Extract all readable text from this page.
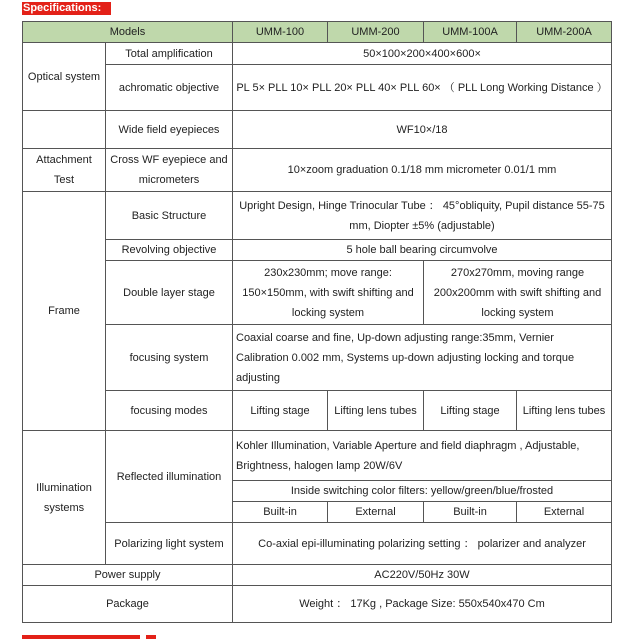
Specifications:
Models		UMM-100	UMM-200	UMM-100A	UMM-200A
Optical system	Total amplification	50×100×200×400×600×			
	achromatic objective	PL 5× PLL 10× PLL 20× PLL 40× PLL 60× （ PLL Long Working Distance ）			
	Wide field eyepieces	WF10×/18			
Attachment Test	Cross WF eyepiece and micrometers	10×zoom graduation 0.1/18 mm micrometer 0.01/1 mm			
Frame	Basic Structure	Upright Design, Hinge Trinocular Tube ： 45°obliquity, Pupil distance 55-75 mm, Diopter ±5% (adjustable)			
	Revolving objective	5 hole ball bearing circumvolve			
	Double layer stage	230x230mm; move range: 150×150mm, with swift shifting and locking system		270x270mm, moving range 200x200mm with swift shifting and locking system	
	focusing system	Coaxial coarse and fine, Up-down adjusting range:35mm, Vernier Calibration 0.002 mm, Systems up-down adjusting locking and torque adjusting			
	focusing modes	Lifting stage	Lifting lens tubes	Lifting stage	Lifting lens tubes
Illumination systems	Reflected illumination	Kohler Illumination, Variable Aperture and field diaphragm , Adjustable, Brightness, halogen lamp 20W/6V			
		Inside switching color filters: yellow/green/blue/frosted			
		Built-in	External	Built-in	External
	Polarizing light system	Co-axial epi-illuminating polarizing setting ： polarizer and analyzer			
Power supply		AC220V/50Hz 30W			
Package		Weight ： 17Kg , Package Size: 550x540x470 Cm			
